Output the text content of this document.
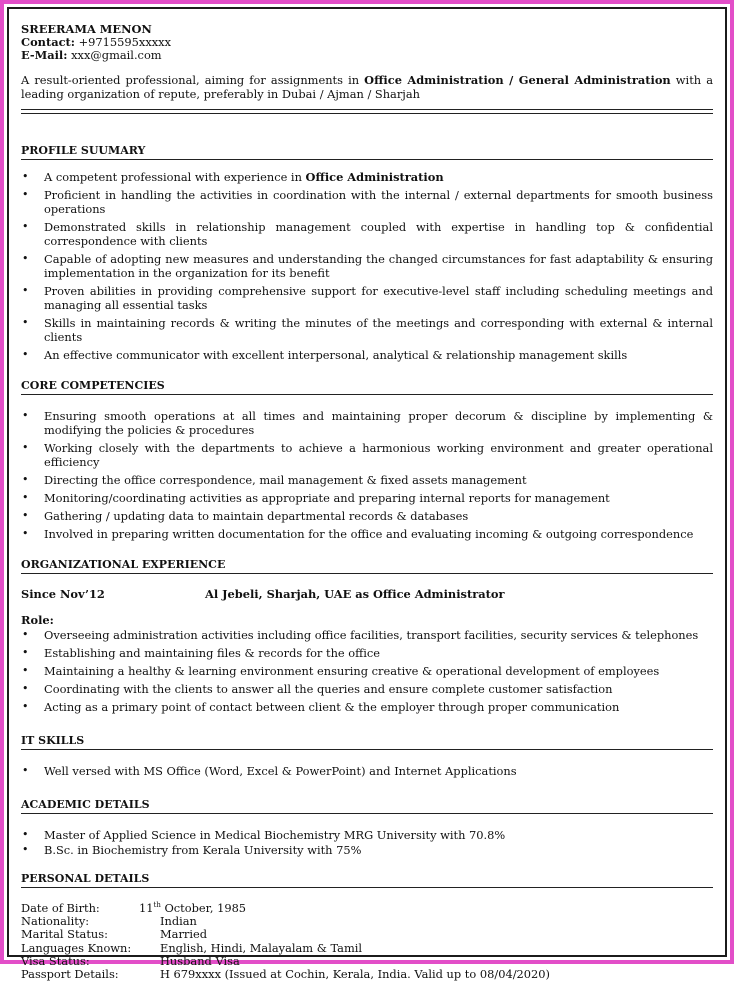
SREERAMA MENON
Contact: +9715595xxxxx
E-Mail: xxx@gmail.com
A result-oriented professional, aiming for assignments in Office Administration / General Administration with a leading organization of repute, preferably in Dubai / Ajman / Sharjah
PROFILE SUUMARY
• A competent professional with experience in Office Administration
• Proficient in handling the activities in coordination with the internal / external departments for smooth business operations
• Demonstrated skills in relationship management coupled with expertise in handling top & confidential correspondence with clients
• Capable of adopting new measures and understanding the changed circumstances for fast adaptability & ensuring implementation in the organization for its benefit
• Proven abilities in providing comprehensive support for executive-level staff including scheduling meetings and managing all essential tasks
• Skills in maintaining records & writing the minutes of the meetings and corresponding with external & internal clients
• An effective communicator with excellent interpersonal, analytical & relationship management skills
CORE COMPETENCIES
• Ensuring smooth operations at all times and maintaining proper decorum & discipline by implementing & modifying the policies & procedures
• Working closely with the departments to achieve a harmonious working environment and greater operational efficiency
• Directing the office correspondence, mail management & fixed assets management
• Monitoring/coordinating activities as appropriate and preparing internal reports for management
• Gathering / updating data to maintain departmental records & databases
• Involved in preparing written documentation for the office and evaluating incoming & outgoing correspondence
ORGANIZATIONAL EXPERIENCE
Since Nov’12	Al Jebeli, Sharjah, UAE as Office Administrator
Role:
• Overseeing administration activities including office facilities, transport facilities, security services & telephones
• Establishing and maintaining files & records for the office
• Maintaining a healthy & learning environment ensuring creative & operational development of employees
• Coordinating with the clients to answer all the queries and ensure complete customer satisfaction
• Acting as a primary point of contact between client & the employer through proper communication
IT SKILLS
• Well versed with MS Office (Word, Excel & PowerPoint) and Internet Applications
ACADEMIC DETAILS
• Master of Applied Science in Medical Biochemistry MRG University with 70.8%
• B.Sc. in Biochemistry from Kerala University with 75%
PERSONAL DETAILS
Date of Birth:	11th October, 1985
Nationality:	Indian
Marital Status:	Married
Languages Known:	English, Hindi, Malayalam & Tamil
Visa Status:	Husband Visa
Passport Details:	H 679xxxx (Issued at Cochin, Kerala, India. Valid up to 08/04/2020)
